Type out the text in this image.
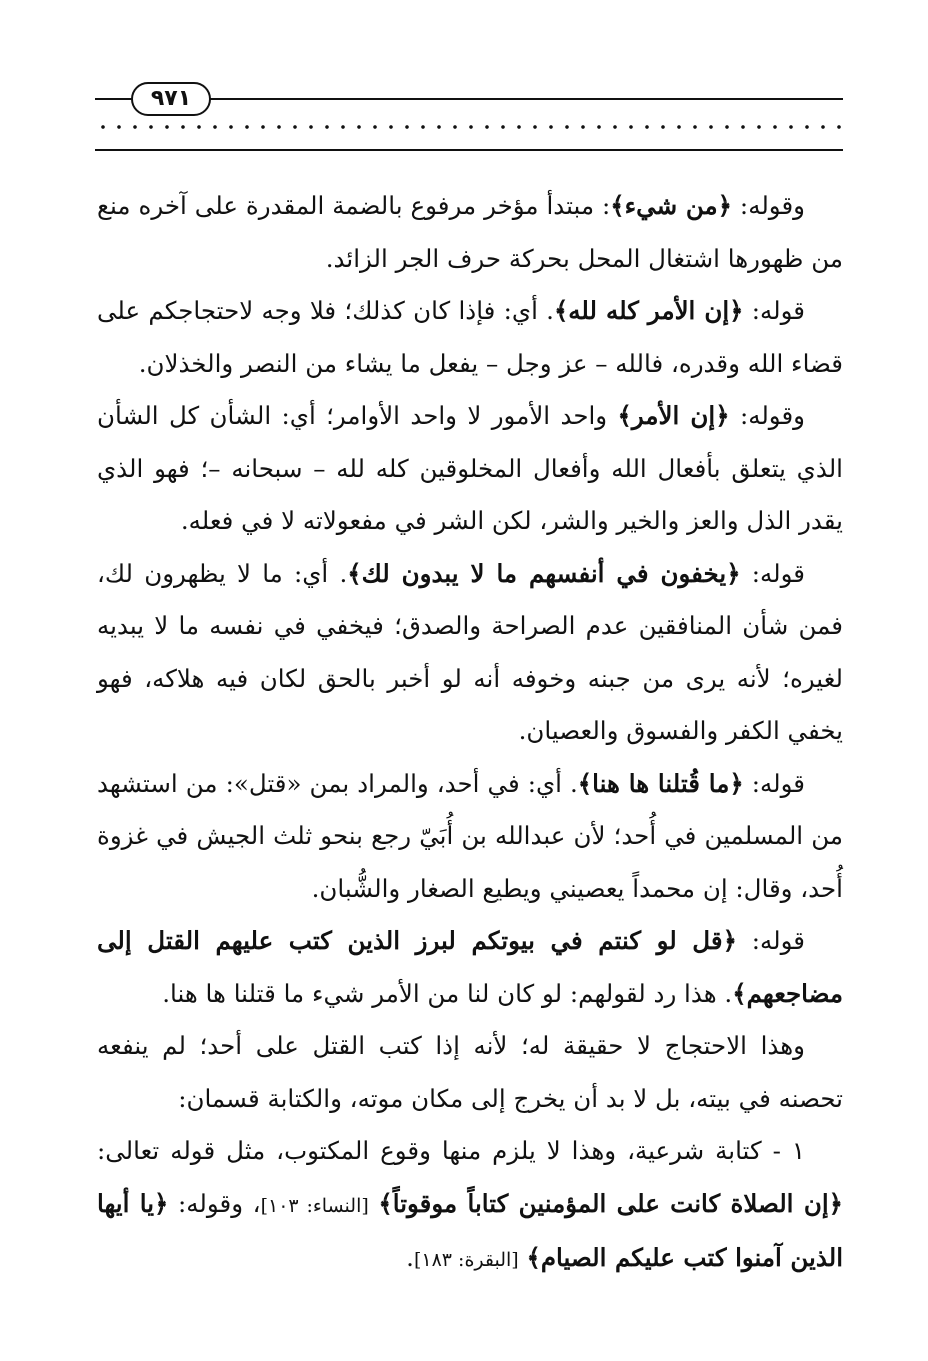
٩٧١

وقوله: ﴿من شيء﴾: مبتدأ مؤخر مرفوع بالضمة المقدرة على آخره منع من ظهورها اشتغال المحل بحركة حرف الجر الزائد.

قوله: ﴿إن الأمر كله لله﴾. أي: فإذا كان كذلك؛ فلا وجه لاحتجاجكم على قضاء الله وقدره، فالله – عز وجل – يفعل ما يشاء من النصر والخذلان.

وقوله: ﴿إن الأمر﴾ واحد الأمور لا واحد الأوامر؛ أي: الشأن كل الشأن الذي يتعلق بأفعال الله وأفعال المخلوقين كله لله – سبحانه –؛ فهو الذي يقدر الذل والعز والخير والشر، لكن الشر في مفعولاته لا في فعله.

قوله: ﴿يخفون في أنفسهم ما لا يبدون لك﴾. أي: ما لا يظهرون لك، فمن شأن المنافقين عدم الصراحة والصدق؛ فيخفي في نفسه ما لا يبديه لغيره؛ لأنه يرى من جبنه وخوفه أنه لو أخبر بالحق لكان فيه هلاكه، فهو يخفي الكفر والفسوق والعصيان.

قوله: ﴿ما قُتلنا ها هنا﴾. أي: في أحد، والمراد بمن «قتل»: من استشهد من المسلمين في أُحد؛ لأن عبدالله بن أُبَيّ رجع بنحو ثلث الجيش في غزوة أُحد، وقال: إن محمداً يعصيني ويطيع الصغار والشُّبان.

قوله: ﴿قل لو كنتم في بيوتكم لبرز الذين كتب عليهم القتل إلى مضاجعهم﴾. هذا رد لقولهم: لو كان لنا من الأمر شيء ما قتلنا ها هنا.

وهذا الاحتجاج لا حقيقة له؛ لأنه إذا كتب القتل على أحد؛ لم ينفعه تحصنه في بيته، بل لا بد أن يخرج إلى مكان موته، والكتابة قسمان:

١ - كتابة شرعية، وهذا لا يلزم منها وقوع المكتوب، مثل قوله تعالى: ﴿إن الصلاة كانت على المؤمنين كتاباً موقوتاً﴾ [النساء: ١٠٣]، وقوله: ﴿يا أيها الذين آمنوا كتب عليكم الصيام﴾ [البقرة: ١٨٣].
